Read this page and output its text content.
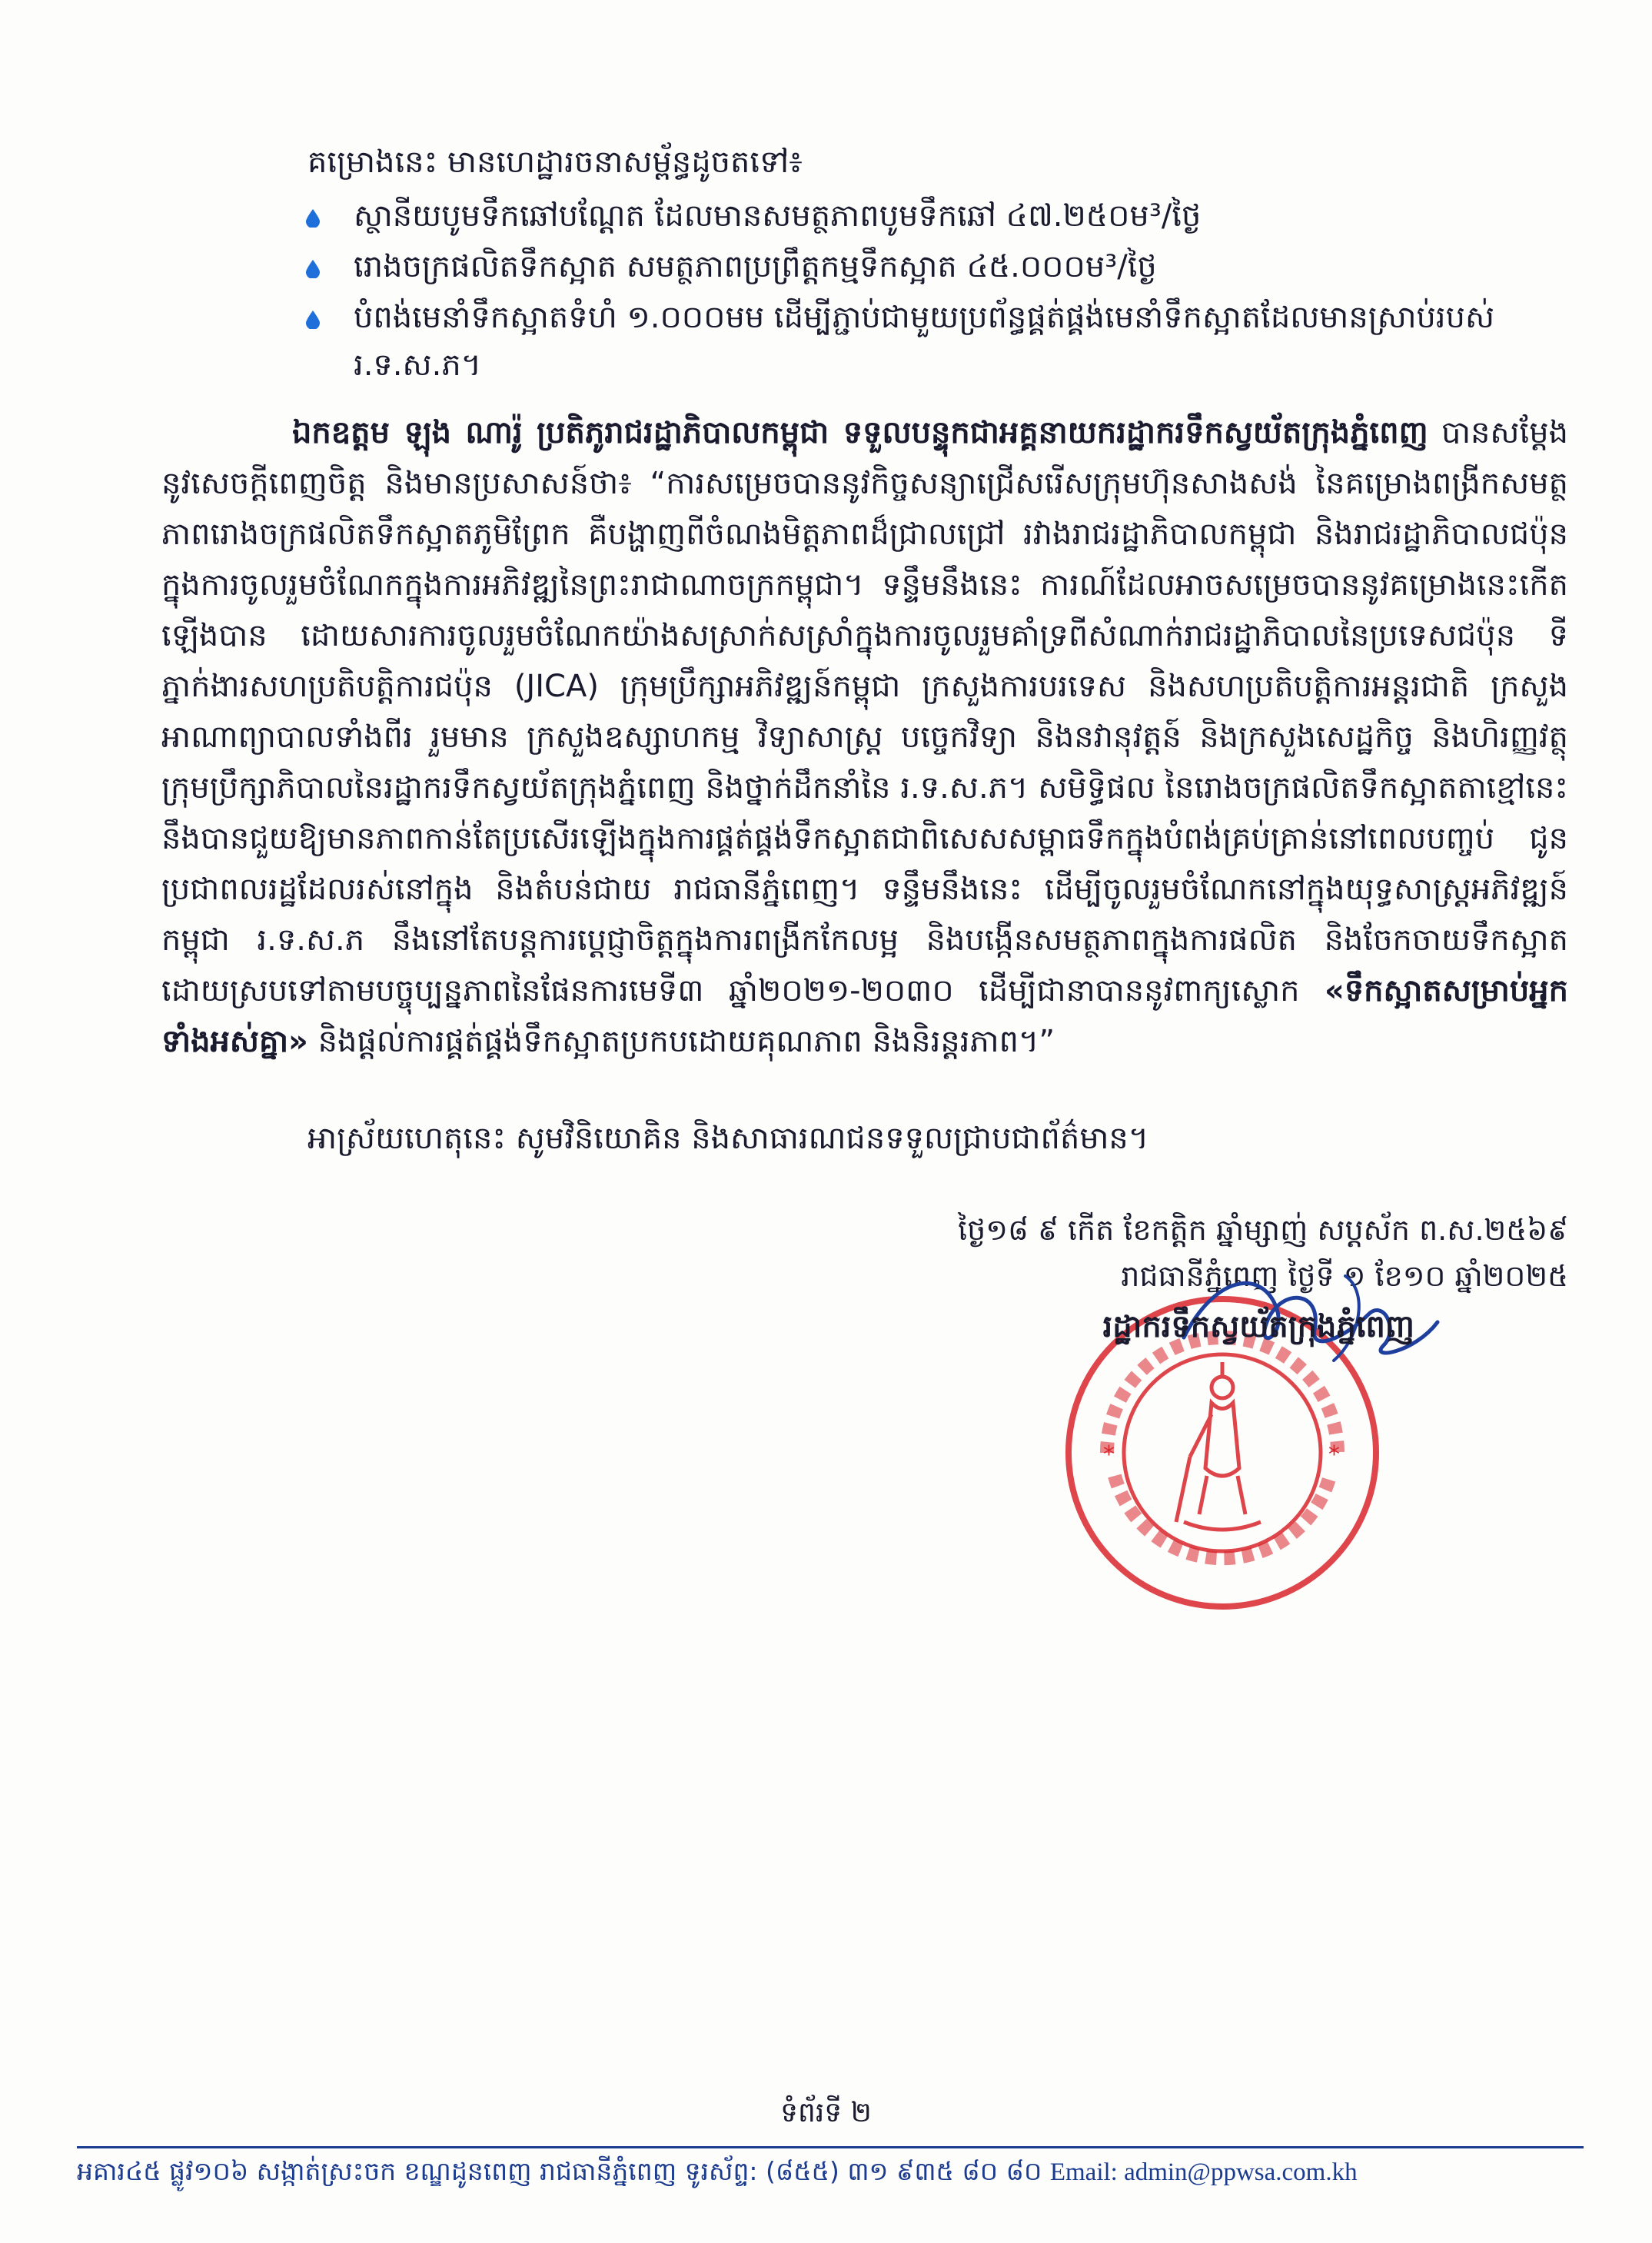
គម្រោងនេះ មានហេដ្ឋារចនាសម្ព័ន្ធដូចតទៅ៖
ស្ថានីយបូមទឹកឆៅបណ្តែត ដែលមានសមត្ថភាពបូមទឹកឆៅ ៤៧.២៥០ម³/ថ្ងៃ
រោងចក្រផលិតទឹកស្អាត សមត្ថភាពប្រព្រឹត្តកម្មទឹកស្អាត ៤៥.០០០ម³/ថ្ងៃ
បំពង់មេនាំទឹកស្អាតទំហំ ១.០០០មម ដើម្បីភ្ជាប់ជាមួយប្រព័ន្ធផ្គត់ផ្គង់មេនាំទឹកស្អាតដែលមានស្រាប់របស់ រ.ទ.ស.ភ។

ឯកឧត្តម ឡុង ណារ៉ូ ប្រតិភូរាជរដ្ឋាភិបាលកម្ពុជា ទទួលបន្ទុកជាអគ្គនាយករដ្ឋាករទឹកស្វយ័តក្រុងភ្នំពេញ បានសម្តែងនូវសេចក្តីពេញចិត្ត និងមានប្រសាសន៍ថា៖ “ការសម្រេចបាននូវកិច្ចសន្យាជ្រើសរើសក្រុមហ៊ុនសាងសង់ នៃគម្រោងពង្រីកសមត្ថភាពរោងចក្រផលិតទឹកស្អាតភូមិព្រែក គឺបង្ហាញពីចំណងមិត្តភាពដ៏ជ្រាលជ្រៅ រវាងរាជរដ្ឋាភិបាលកម្ពុជា និងរាជរដ្ឋាភិបាលជប៉ុន ក្នុងការចូលរួមចំណែកក្នុងការអភិវឌ្ឍនៃព្រះរាជាណាចក្រកម្ពុជា។ ទន្ទឹមនឹងនេះ ការណ៍ដែលអាចសម្រេចបាននូវគម្រោងនេះកើតឡើងបាន ដោយសារការចូលរួមចំណែកយ៉ាងសស្រាក់សស្រាំក្នុងការចូលរួមគាំទ្រពីសំណាក់រាជរដ្ឋាភិបាលនៃប្រទេសជប៉ុន ទីភ្នាក់ងារសហប្រតិបត្តិការជប៉ុន (JICA) ក្រុមប្រឹក្សាអភិវឌ្ឍន៍កម្ពុជា ក្រសួងការបរទេស និងសហប្រតិបត្តិការអន្តរជាតិ ក្រសួងអាណាព្យាបាលទាំងពីរ រួមមាន ក្រសួងឧស្សាហកម្ម វិទ្យាសាស្ត្រ បច្ចេកវិទ្យា និងនវានុវត្តន៍ និងក្រសួងសេដ្ឋកិច្ច និងហិរញ្ញវត្ថុ ក្រុមប្រឹក្សាភិបាលនៃរដ្ឋាករទឹកស្វយ័តក្រុងភ្នំពេញ និងថ្នាក់ដឹកនាំនៃ រ.ទ.ស.ភ។ សមិទ្ធិផល នៃរោងចក្រផលិតទឹកស្អាតតាខ្មៅនេះ នឹងបានជួយឱ្យមានភាពកាន់តែប្រសើរឡើងក្នុងការផ្គត់ផ្គង់ទឹកស្អាតជាពិសេសសម្ពាធទឹកក្នុងបំពង់គ្រប់គ្រាន់នៅពេលបញ្ចប់ ជូនប្រជាពលរដ្ឋដែលរស់នៅក្នុង និងតំបន់ជាយ រាជធានីភ្នំពេញ។ ទន្ទឹមនឹងនេះ ដើម្បីចូលរួមចំណែកនៅក្នុងយុទ្ធសាស្ត្រអភិវឌ្ឍន៍កម្ពុជា រ.ទ.ស.ភ នឹងនៅតែបន្តការប្តេជ្ញាចិត្តក្នុងការពង្រីកកែលម្អ និងបង្កើនសមត្ថភាពក្នុងការផលិត និងចែកចាយទឹកស្អាត ដោយស្របទៅតាមបច្ចុប្បន្នភាពនៃផែនការមេទី៣ ឆ្នាំ២០២១-២០៣០ ដើម្បីជានាបាននូវពាក្យស្លោក «ទឹកស្អាតសម្រាប់អ្នកទាំងអស់គ្នា» និងផ្តល់ការផ្គត់ផ្គង់ទឹកស្អាតប្រកបដោយគុណភាព និងនិរន្តរភាព។”

អាស្រ័យហេតុនេះ សូមវិនិយោគិន និងសាធារណជនទទួលជ្រាបជាព័ត៌មាន។
ថ្ងៃ១៨ ៩ កើត ខែកត្តិក ឆ្នាំម្សាញ់ សប្តស័ក ព.ស.២៥៦៩
រាជធានីភ្នំពេញ ថ្ងៃទី ១ ខែ១០ ឆ្នាំ២០២៥
*	*
រដ្ឋាករទឹកស្វយ័តក្រុងភ្នំពេញ
ទំព័រទី ២
អគារ៤៥ ផ្លូវ១០៦ សង្កាត់ស្រះចក ខណ្ឌដូនពេញ រាជធានីភ្នំពេញ ទូរស័ព្ទ: (៨៥៥) ៣១ ៩៣៥ ៨០ ៨០ Email: admin@ppwsa.com.kh
